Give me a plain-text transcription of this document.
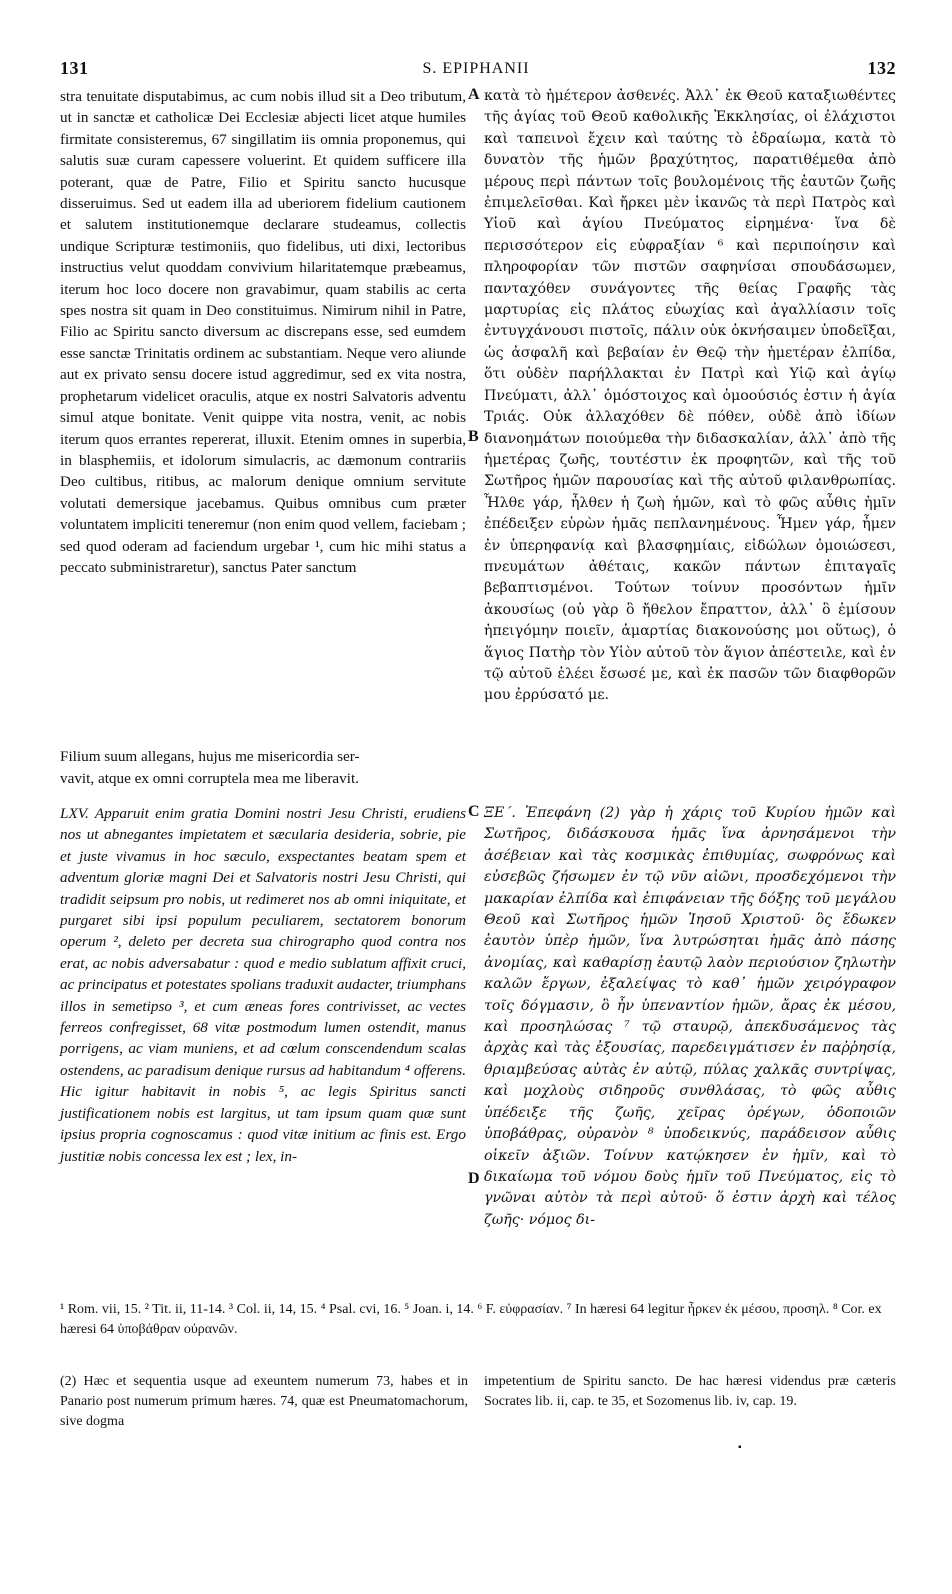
131	S. EPIPHANII	132
A
B
C
D

stra tenuitate disputabimus, ac cum nobis illud sit a Deo tributum, ut in sanctæ et catholicæ Dei Ecclesiæ abjecti licet atque humiles firmitate consisteremus, 67 singillatim iis omnia proponemus, qui salutis suæ curam capessere voluerint. Et quidem sufficere illa poterant, quæ de Patre, Filio et Spiritu sancto hucusque disseruimus. Sed ut eadem illa ad uberiorem fidelium cautionem et salutem institutionemque declarare studeamus, collectis undique Scripturæ testimoniis, quo fidelibus, uti dixi, lectoribus instructius velut quoddam convivium hilaritatemque præbeamus, iterum hoc loco docere non gravabimur, quam stabilis ac certa spes nostra sit quam in Deo constituimus. Nimirum nihil in Patre, Filio ac Spiritu sancto diversum ac discrepans esse, sed eumdem esse sanctæ Trinitatis ordinem ac substantiam. Neque vero aliunde aut ex privato sensu docere istud aggredimur, sed ex vita nostra, prophetarum videlicet oraculis, atque ex nostri Salvatoris adventu simul atque bonitate. Venit quippe vita nostra, venit, ac nobis iterum quos errantes repererat, illuxit. Etenim omnes in superbia, in blasphemiis, et idolorum simulacris, ac dæmonum contrariis Deo cultibus, ritibus, ac malorum denique omnium servitute volutati demersique jacebamus. Quibus omnibus cum præter voluntatem impliciti teneremur (non enim quod vellem, faciebam ; sed quod oderam ad faciendum urgebar ¹, cum hic mihi status a peccato subministraretur), sanctus Pater sanctum

κατὰ τὸ ἡμέτερον ἀσθενές. Ἀλλ᾽ ἐκ Θεοῦ καταξιωθέντες τῆς ἁγίας τοῦ Θεοῦ καθολικῆς Ἐκκλησίας, οἱ ἐλάχιστοι καὶ ταπεινοὶ ἔχειν καὶ ταύτης τὸ ἑδραίωμα, κατὰ τὸ δυνατὸν τῆς ἡμῶν βραχύτητος, παρατιθέμεθα ἀπὸ μέρους περὶ πάντων τοῖς βουλομένοις τῆς ἑαυτῶν ζωῆς ἐπιμελεῖσθαι. Καὶ ἤρκει μὲν ἱκανῶς τὰ περὶ Πατρὸς καὶ Υἱοῦ καὶ ἁγίου Πνεύματος εἰρημένα· ἵνα δὲ περισσότερον εἰς εὐφραξίαν ⁶ καὶ περιποίησιν καὶ πληροφορίαν τῶν πιστῶν σαφηνίσαι σπουδάσωμεν, πανταχόθεν συνάγοντες τῆς θείας Γραφῆς τὰς μαρτυρίας εἰς πλάτος εὐωχίας καὶ ἀγαλλίασιν τοῖς ἐντυγχάνουσι πιστοῖς, πάλιν οὐκ ὀκνήσαιμεν ὑποδεῖξαι, ὡς ἀσφαλῆ καὶ βεβαίαν ἐν Θεῷ τὴν ἡμετέραν ἐλπίδα, ὅτι οὐδὲν παρήλλακται ἐν Πατρὶ καὶ Υἱῷ καὶ ἁγίῳ Πνεύματι, ἀλλ᾽ ὁμόστοιχος καὶ ὁμοούσιός ἐστιν ἡ ἁγία Τριάς. Οὐκ ἀλλαχόθεν δὲ πόθεν, οὐδὲ ἀπὸ ἰδίων διανοημάτων ποιούμεθα τὴν διδασκαλίαν, ἀλλ᾽ ἀπὸ τῆς ἡμετέρας ζωῆς, τουτέστιν ἐκ προφητῶν, καὶ τῆς τοῦ Σωτῆρος ἡμῶν παρουσίας καὶ τῆς αὐτοῦ φιλανθρωπίας. Ἦλθε γάρ, ἦλθεν ἡ ζωὴ ἡμῶν, καὶ τὸ φῶς αὖθις ἡμῖν ἐπέδειξεν εὑρὼν ἡμᾶς πεπλανημένους. Ἦμεν γάρ, ἦμεν ἐν ὑπερηφανίᾳ καὶ βλασφημίαις, εἰδώλων ὁμοιώσεσι, πνευμάτων ἀθέταις, κακῶν πάντων ἐπιταγαῖς βεβαπτισμένοι. Τούτων τοίνυν προσόντων ἡμῖν ἀκουσίως (οὐ γὰρ ὃ ἤθελον ἔπραττον, ἀλλ᾽ ὃ ἐμίσουν ἠπειγόμην ποιεῖν, ἁμαρτίας διακονούσης μοι οὕτως), ὁ ἅγιος Πατὴρ τὸν Υἱὸν αὐτοῦ τὸν ἅγιον ἀπέστειλε, καὶ ἐν τῷ αὐτοῦ ἐλέει ἔσωσέ με, καὶ ἐκ πασῶν τῶν διαφθορῶν μου ἐρρύσατό με.

Filium suum allegans, hujus me misericordia ser-
vavit, atque ex omni corruptela mea me liberavit.

LXV. Apparuit enim gratia Domini nostri Jesu Christi, erudiens nos ut abnegantes impietatem et sæcularia desideria, sobrie, pie et juste vivamus in hoc sæculo, exspectantes beatam spem et adventum gloriæ magni Dei et Salvatoris nostri Jesu Christi, qui tradidit seipsum pro nobis, ut redimeret nos ab omni iniquitate, et purgaret sibi ipsi populum peculiarem, sectatorem bonorum operum ², deleto per decreta sua chirographo quod contra nos erat, ac nobis adversabatur : quod e medio sublatum affixit cruci, ac principatus et potestates spolians traduxit audacter, triumphans illos in semetipso ³, et cum æneas fores contrivisset, ac vectes ferreos confregisset, 68 vitæ postmodum lumen ostendit, manus porrigens, ac viam muniens, et ad cœlum conscendendum scalas ostendens, ac paradisum denique rursus ad habitandum ⁴ offerens. Hic igitur habitavit in nobis ⁵, ac legis Spiritus sancti justificationem nobis est largitus, ut tam ipsum quam quæ sunt ipsius propria cognoscamus : quod vitæ initium ac finis est. Ergo justitiæ nobis concessa lex est ; lex, in-

ΞΕ΄. Ἐπεφάνη (2) γὰρ ἡ χάρις τοῦ Κυρίου ἡμῶν καὶ Σωτῆρος, διδάσκουσα ἡμᾶς ἵνα ἀρνησάμενοι τὴν ἀσέβειαν καὶ τὰς κοσμικὰς ἐπιθυμίας, σωφρόνως καὶ εὐσεβῶς ζήσωμεν ἐν τῷ νῦν αἰῶνι, προσδεχόμενοι τὴν μακαρίαν ἐλπίδα καὶ ἐπιφάνειαν τῆς δόξης τοῦ μεγάλου Θεοῦ καὶ Σωτῆρος ἡμῶν Ἰησοῦ Χριστοῦ· ὃς ἔδωκεν ἑαυτὸν ὑπὲρ ἡμῶν, ἵνα λυτρώσηται ἡμᾶς ἀπὸ πάσης ἀνομίας, καὶ καθαρίσῃ ἑαυτῷ λαὸν περιούσιον ζηλωτὴν καλῶν ἔργων, ἐξαλείψας τὸ καθ᾽ ἡμῶν χειρόγραφον τοῖς δόγμασιν, ὃ ἦν ὑπεναντίον ἡμῶν, ἄρας ἐκ μέσου, καὶ προσηλώσας ⁷ τῷ σταυρῷ, ἀπεκδυσάμενος τὰς ἀρχὰς καὶ τὰς ἐξουσίας, παρεδειγμάτισεν ἐν παῤῥησίᾳ, θριαμβεύσας αὐτὰς ἐν αὐτῷ, πύλας χαλκᾶς συντρίψας, καὶ μοχλοὺς σιδηροῦς συνθλάσας, τὸ φῶς αὖθις ὑπέδειξε τῆς ζωῆς, χεῖρας ὀρέγων, ὁδοποιῶν ὑποβάθρας, οὐρανὸν ⁸ ὑποδεικνύς, παράδεισον αὖθις οἰκεῖν ἀξιῶν. Τοίνυν κατῴκησεν ἐν ἡμῖν, καὶ τὸ δικαίωμα τοῦ νόμου δοὺς ἡμῖν τοῦ Πνεύματος, εἰς τὸ γνῶναι αὐτὸν τὰ περὶ αὐτοῦ· ὅ ἐστιν ἀρχὴ καὶ τέλος ζωῆς· νόμος δι-

¹ Rom. vii, 15. ² Tit. ii, 11-14. ³ Col. ii, 14, 15. ⁴ Psal. cvi, 16. ⁵ Joan. i, 14. ⁶ F. εὐφρασίαν. ⁷ In hæresi 64 legitur ἦρκεν ἐκ μέσου, προσηλ. ⁸ Cor. ex hæresi 64 ὑποβάθραν οὐρανῶν.
(2) Hæc et sequentia usque ad exeuntem numerum 73, habes et in Panario post numerum primum hæres. 74, quæ est Pneumatomachorum, sive dogma
impetentium de Spiritu sancto. De hac hæresi videndus præ cæteris Socrates lib. ii, cap. te 35, et Sozomenus lib. iv, cap. 19.
▪
